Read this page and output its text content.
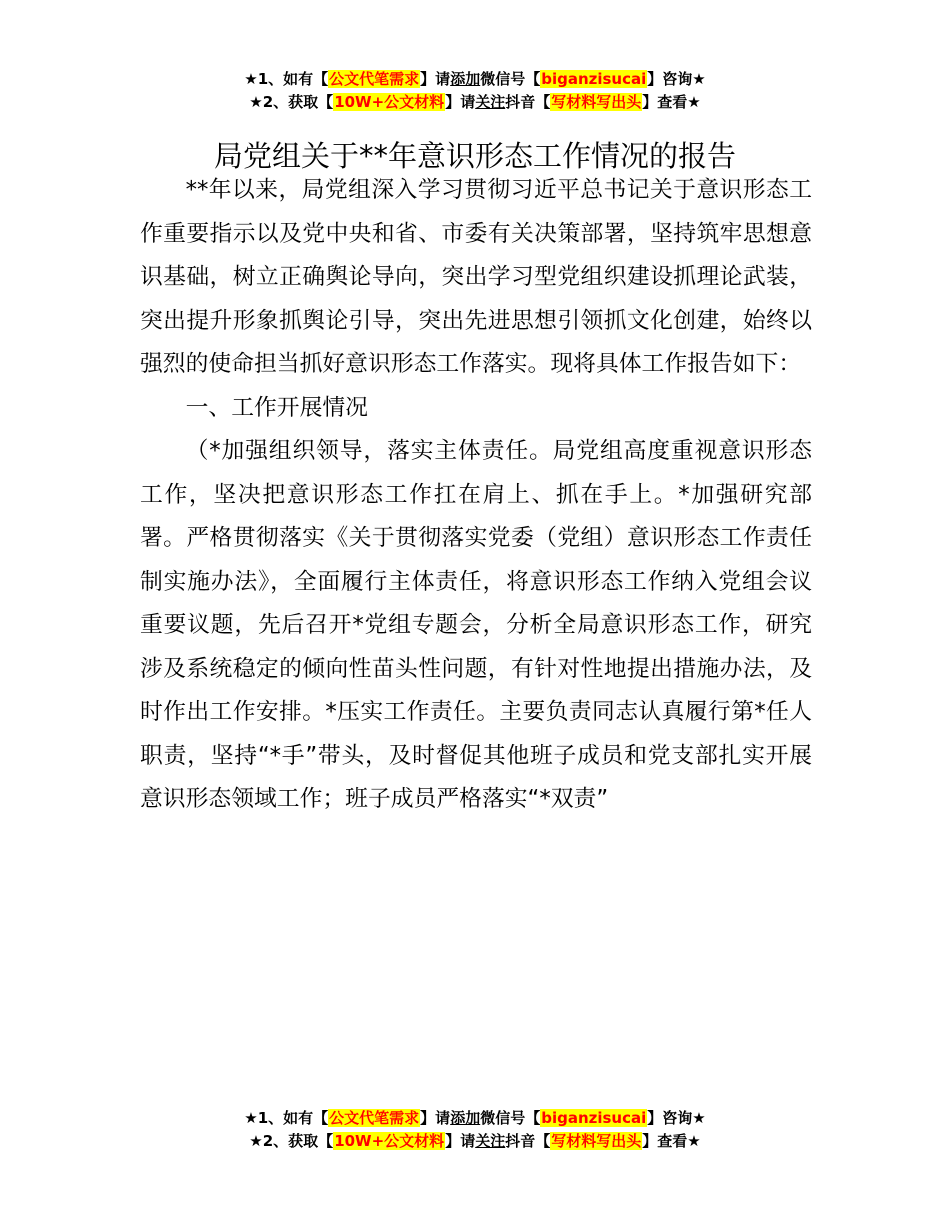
★1、如有【公文代笔需求】请添加微信号【biganzisucai】咨询★
★2、获取【10W+公文材料】请关注抖音【写材料写出头】查看★
局党组关于**年意识形态工作情况的报告

**年以来，局党组深入学习贯彻习近平总书记关于意识形态工作重要指示以及党中央和省、市委有关决策部署，坚持筑牢思想意识基础，树立正确舆论导向，突出学习型党组织建设抓理论武装，突出提升形象抓舆论引导，突出先进思想引领抓文化创建，始终以强烈的使命担当抓好意识形态工作落实。现将具体工作报告如下：

一、工作开展情况

（*加强组织领导，落实主体责任。局党组高度重视意识形态工作，坚决把意识形态工作扛在肩上、抓在手上。*加强研究部署。严格贯彻落实《关于贯彻落实党委（党组）意识形态工作责任制实施办法》，全面履行主体责任，将意识形态工作纳入党组会议重要议题，先后召开*党组专题会，分析全局意识形态工作，研究涉及系统稳定的倾向性苗头性问题，有针对性地提出措施办法，及时作出工作安排。*压实工作责任。主要负责同志认真履行第*任人职责，坚持“*手”带头，及时督促其他班子成员和党支部扎实开展意识形态领域工作；班子成员严格落实“*双责”

★1、如有【公文代笔需求】请添加微信号【biganzisucai】咨询★
★2、获取【10W+公文材料】请关注抖音【写材料写出头】查看★
